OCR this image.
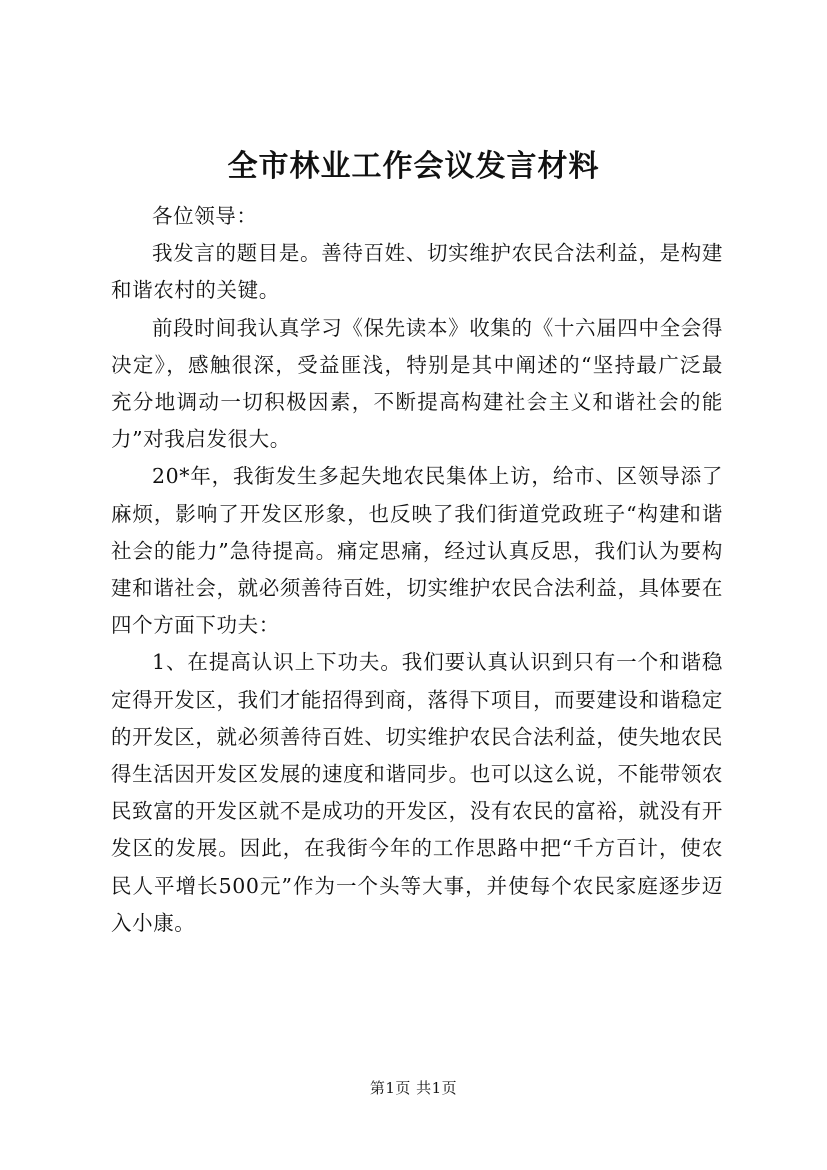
全市林业工作会议发言材料

各位领导：

我发言的题目是。善待百姓、切实维护农民合法利益，是构建和谐农村的关键。

前段时间我认真学习《保先读本》收集的《十六届四中全会得决定》，感触很深，受益匪浅，特别是其中阐述的“坚持最广泛最充分地调动一切积极因素，不断提高构建社会主义和谐社会的能力”对我启发很大。

20*年，我街发生多起失地农民集体上访，给市、区领导添了麻烦，影响了开发区形象，也反映了我们街道党政班子“构建和谐社会的能力”急待提高。痛定思痛，经过认真反思，我们认为要构建和谐社会，就必须善待百姓，切实维护农民合法利益，具体要在四个方面下功夫：

1、在提高认识上下功夫。我们要认真认识到只有一个和谐稳定得开发区，我们才能招得到商，落得下项目，而要建设和谐稳定的开发区，就必须善待百姓、切实维护农民合法利益，使失地农民得生活因开发区发展的速度和谐同步。也可以这么说，不能带领农民致富的开发区就不是成功的开发区，没有农民的富裕，就没有开发区的发展。因此，在我街今年的工作思路中把“千方百计，使农民人平增长500元”作为一个头等大事，并使每个农民家庭逐步迈入小康。

第1页 共1页
